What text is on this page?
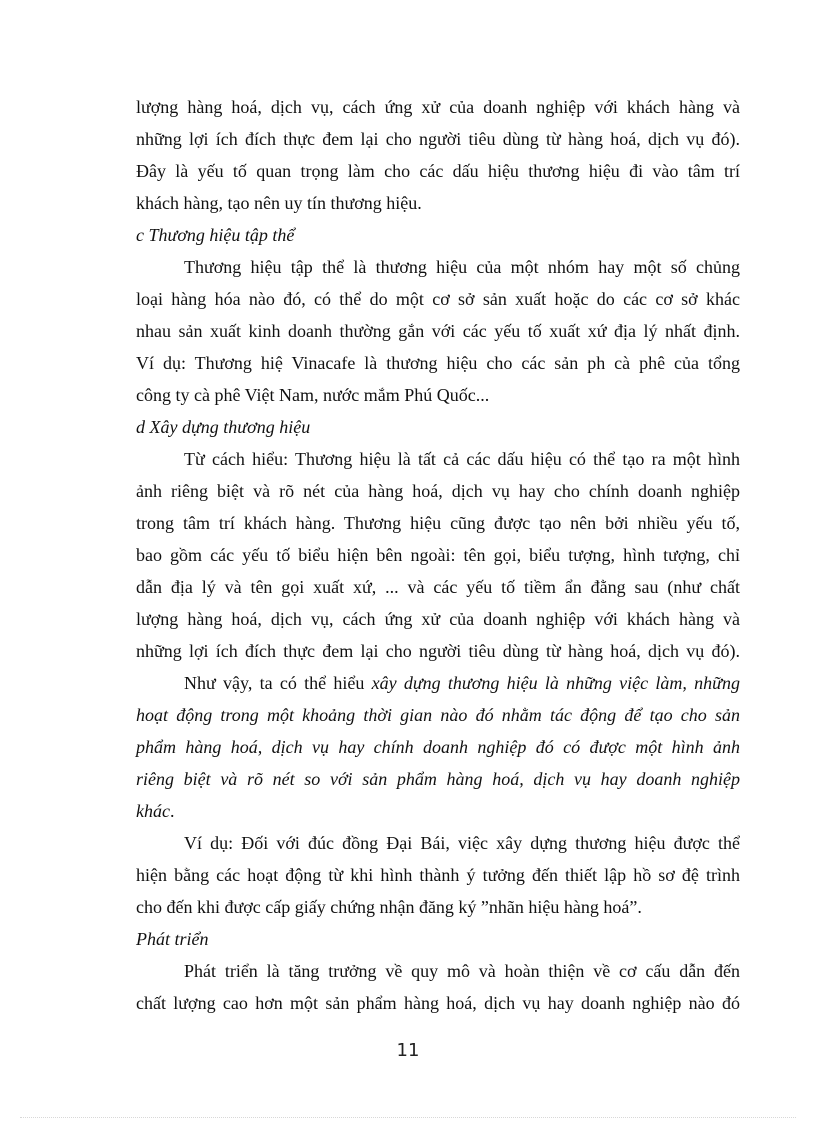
lượng hàng hoá, dịch vụ, cách ứng xử của doanh nghiệp với khách hàng và
những lợi ích đích thực đem lại cho người tiêu dùng từ hàng hoá, dịch vụ đó).
Đây là yếu tố quan trọng làm cho các dấu hiệu thương hiệu đi vào tâm trí
khách hàng, tạo nên uy tín thương hiệu.
c Thương hiệu tập thể
Thương hiệu tập thể là thương hiệu của một nhóm hay một số chủng
loại hàng hóa nào đó, có thể do một cơ sở sản xuất hoặc do các cơ sở khác
nhau sản xuất kinh doanh thường gắn với các yếu tố xuất xứ địa lý nhất định.
Ví dụ: Thương hiệ Vinacafe là thương hiệu cho các sản ph cà phê của tổng
công ty cà phê Việt Nam, nước mắm Phú Quốc...
d Xây dựng thương hiệu
Từ cách hiểu: Thương hiệu là tất cả các dấu hiệu có thể tạo ra một hình
ảnh riêng biệt và rõ nét của hàng hoá, dịch vụ hay cho chính doanh nghiệp
trong tâm trí khách hàng. Thương hiệu cũng được tạo nên bởi nhiều yếu tố,
bao gồm các yếu tố biểu hiện bên ngoài: tên gọi, biểu tượng, hình tượng, chỉ
dẫn địa lý và tên gọi xuất xứ, ... và các yếu tố tiềm ẩn đằng sau (như chất
lượng hàng hoá, dịch vụ, cách ứng xử của doanh nghiệp với khách hàng và
những lợi ích đích thực đem lại cho người tiêu dùng từ hàng hoá, dịch vụ đó).
Như vậy, ta có thể hiểu xây dựng thương hiệu là những việc làm, những
hoạt động trong một khoảng thời gian nào đó nhằm tác động để tạo cho sản
phẩm hàng hoá, dịch vụ hay chính doanh nghiệp đó có được một hình ảnh
riêng biệt và rõ nét so với sản phẩm hàng hoá, dịch vụ hay doanh nghiệp
khác.
Ví dụ: Đối với đúc đồng Đại Bái, việc xây dựng thương hiệu được thể
hiện bằng các hoạt động từ khi hình thành ý tưởng đến thiết lập hồ sơ đệ trình
cho đến khi được cấp giấy chứng nhận đăng ký ”nhãn hiệu hàng hoá”.
Phát triển
Phát triển là tăng trưởng về quy mô và hoàn thiện về cơ cấu dẫn đến
chất lượng cao hơn một sản phẩm hàng hoá, dịch vụ hay doanh nghiệp nào đó
11
